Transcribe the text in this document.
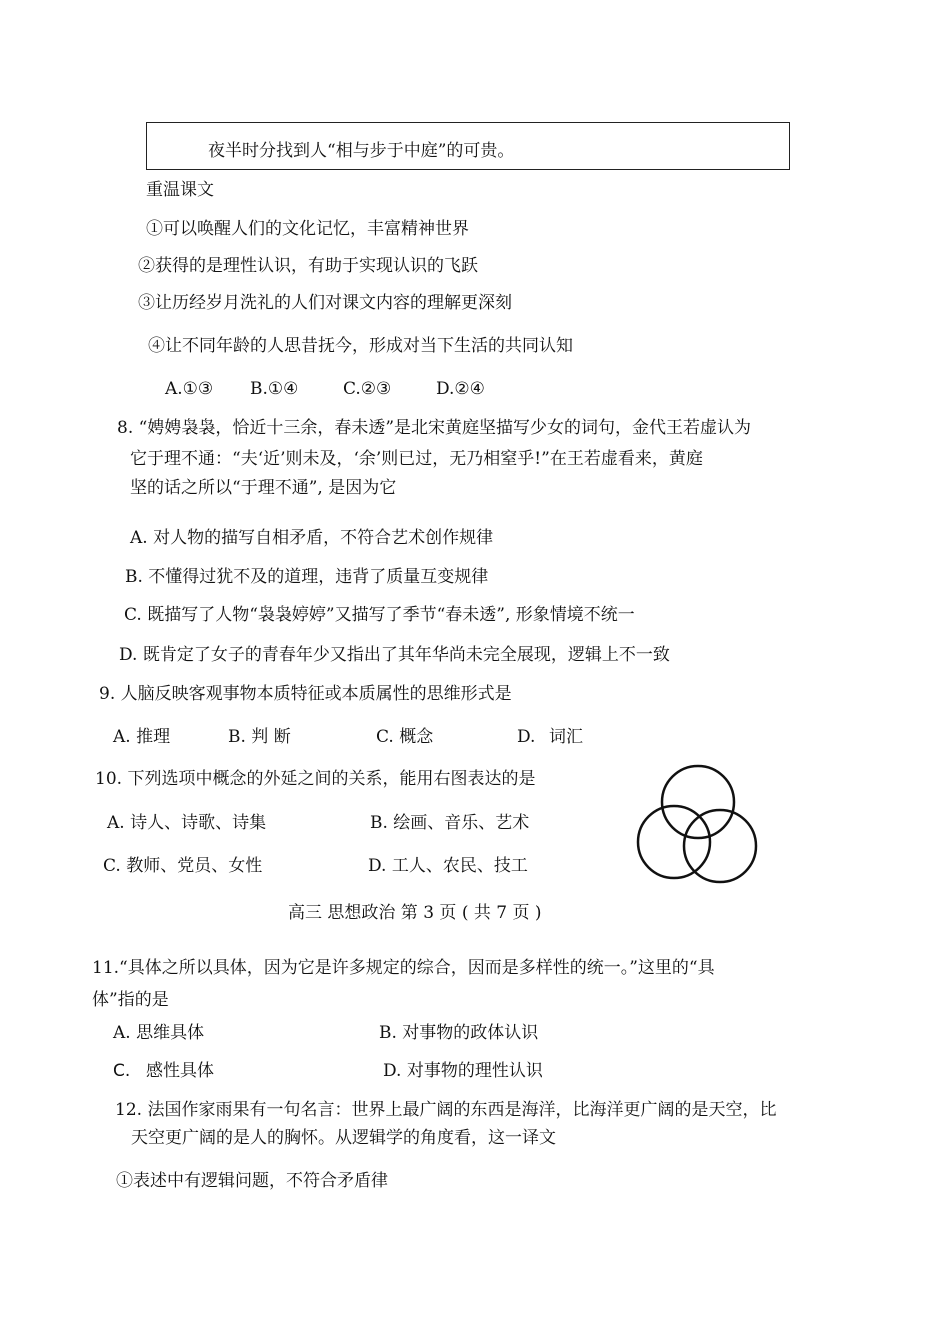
夜半时分找到人“相与步于中庭”的可贵。
重温课文
①可以唤醒人们的文化记忆，丰富精神世界
②获得的是理性认识，有助于实现认识的飞跃
③让历经岁月洗礼的人们对课文内容的理解更深刻
④让不同年龄的人思昔抚今，形成对当下生活的共同认知
A.①③ B.①④	C.②③	D.②④
8. “娉娉袅袅，恰近十三余，春未透”是北宋黄庭坚描写少女的词句，金代王若虚认为
它于理不通：“夫‘近’则未及，‘余’则已过，无乃相窒乎!”在王若虚看来，黄庭
坚的话之所以“于理不通”, 是因为它
A. 对人物的描写自相矛盾，不符合艺术创作规律
B. 不懂得过犹不及的道理，违背了质量互变规律
C. 既描写了人物“袅袅婷婷”又描写了季节“春未透”, 形象情境不统一
D. 既肯定了女子的青春年少又指出了其年华尚未完全展现，逻辑上不一致
9. 人脑反映客观事物本质特征或本质属性的思维形式是
A. 推理	B. 判 断	C. 概念	D. 词汇
10. 下列选项中概念的外延之间的关系，能用右图表达的是
A. 诗人、诗歌、诗集	B. 绘画、音乐、艺术
C. 教师、党员、女性	D. 工人、农民、技工
高三 思想政治 第 3 页 ( 共 7 页 )
11.“具体之所以具体，因为它是许多规定的综合，因而是多样性的统一。”这里的“具
体”指的是
A. 思维具体	B. 对事物的政体认识
C. 感性具体	D. 对事物的理性认识
12. 法国作家雨果有一句名言：世界上最广阔的东西是海洋，比海洋更广阔的是天空，比
天空更广阔的是人的胸怀。从逻辑学的角度看，这一译文
①表述中有逻辑问题，不符合矛盾律
